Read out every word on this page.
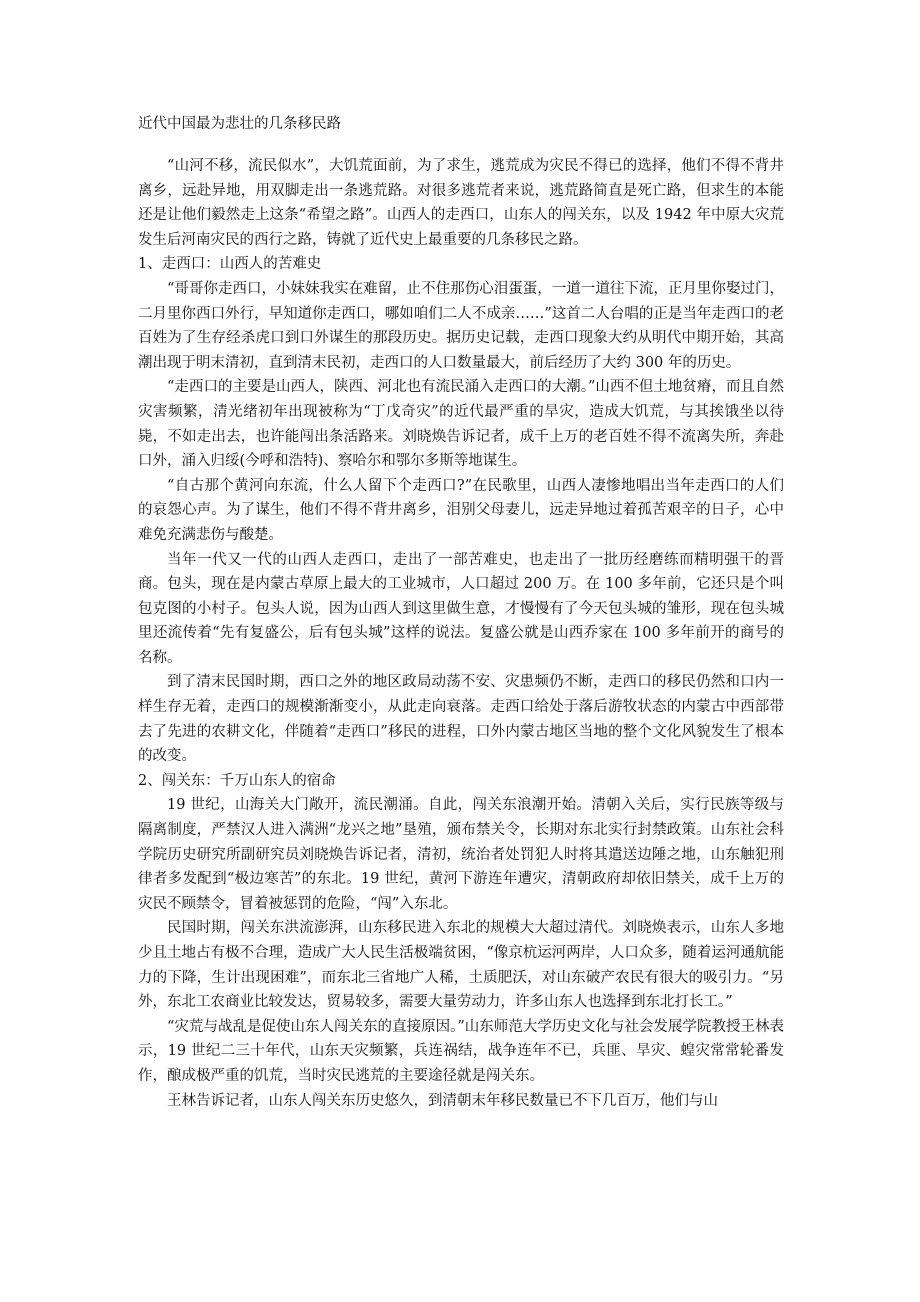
近代中国最为悲壮的几条移民路

“山河不移，流民似水”，大饥荒面前，为了求生，逃荒成为灾民不得已的选择，他们不得不背井离乡，远赴异地，用双脚走出一条逃荒路。对很多逃荒者来说，逃荒路简直是死亡路，但求生的本能还是让他们毅然走上这条“希望之路”。山西人的走西口，山东人的闯关东，以及 1942 年中原大灾荒发生后河南灾民的西行之路，铸就了近代史上最重要的几条移民之路。

1、走西口：山西人的苦难史

“哥哥你走西口，小妹妹我实在难留，止不住那伤心泪蛋蛋，一道一道往下流，正月里你娶过门，二月里你西口外行，早知道你走西口，哪如咱们二人不成亲……”这首二人台唱的正是当年走西口的老百姓为了生存经杀虎口到口外谋生的那段历史。据历史记载，走西口现象大约从明代中期开始，其高潮出现于明末清初，直到清末民初，走西口的人口数量最大，前后经历了大约 300 年的历史。

“走西口的主要是山西人，陕西、河北也有流民涌入走西口的大潮。”山西不但土地贫瘠，而且自然灾害频繁，清光绪初年出现被称为“丁戊奇灾”的近代最严重的旱灾，造成大饥荒，与其挨饿坐以待毙，不如走出去，也许能闯出条活路来。刘晓焕告诉记者，成千上万的老百姓不得不流离失所，奔赴口外，涌入归绥(今呼和浩特)、察哈尔和鄂尔多斯等地谋生。

“自古那个黄河向东流，什么人留下个走西口?”在民歌里，山西人凄惨地唱出当年走西口的人们的哀怨心声。为了谋生，他们不得不背井离乡，泪别父母妻儿，远走异地过着孤苦艰辛的日子，心中难免充满悲伤与酸楚。

当年一代又一代的山西人走西口，走出了一部苦难史，也走出了一批历经磨练而精明强干的晋商。包头，现在是内蒙古草原上最大的工业城市，人口超过 200 万。在 100 多年前，它还只是个叫包克图的小村子。包头人说，因为山西人到这里做生意，才慢慢有了今天包头城的雏形，现在包头城里还流传着“先有复盛公，后有包头城”这样的说法。复盛公就是山西乔家在 100 多年前开的商号的名称。

到了清末民国时期，西口之外的地区政局动荡不安、灾患频仍不断，走西口的移民仍然和口内一样生存无着，走西口的规模渐渐变小，从此走向衰落。走西口给处于落后游牧状态的内蒙古中西部带去了先进的农耕文化，伴随着“走西口”移民的进程，口外内蒙古地区当地的整个文化风貌发生了根本的改变。

2、闯关东：千万山东人的宿命

19 世纪，山海关大门敞开，流民潮涌。自此，闯关东浪潮开始。清朝入关后，实行民族等级与隔离制度，严禁汉人进入满洲“龙兴之地”垦殖，颁布禁关令，长期对东北实行封禁政策。山东社会科学院历史研究所副研究员刘晓焕告诉记者，清初，统治者处罚犯人时将其遣送边陲之地，山东触犯刑律者多发配到“极边寒苦”的东北。19 世纪，黄河下游连年遭灾，清朝政府却依旧禁关，成千上万的灾民不顾禁令，冒着被惩罚的危险，“闯”入东北。

民国时期，闯关东洪流澎湃，山东移民进入东北的规模大大超过清代。刘晓焕表示，山东人多地少且土地占有极不合理，造成广大人民生活极端贫困，“像京杭运河两岸，人口众多，随着运河通航能力的下降，生计出现困难”，而东北三省地广人稀，土质肥沃，对山东破产农民有很大的吸引力。“另外，东北工农商业比较发达，贸易较多，需要大量劳动力，许多山东人也选择到东北打长工。”

“灾荒与战乱是促使山东人闯关东的直接原因。”山东师范大学历史文化与社会发展学院教授王林表示，19 世纪二三十年代，山东天灾频繁，兵连祸结，战争连年不已，兵匪、旱灾、蝗灾常常轮番发作，酿成极严重的饥荒，当时灾民逃荒的主要途径就是闯关东。

王林告诉记者，山东人闯关东历史悠久，到清朝末年移民数量已不下几百万，他们与山
